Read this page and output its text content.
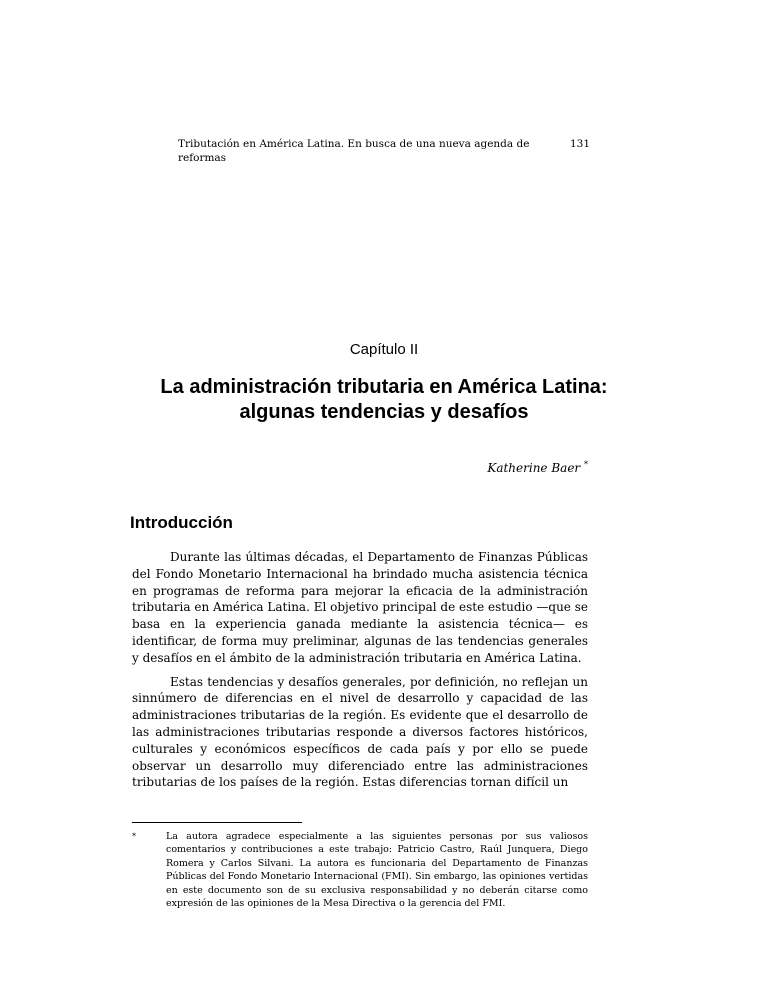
Tributación en América Latina. En busca de una nueva agenda de reformas
131
Capítulo II
La administración tributaria en América Latina:
algunas tendencias y desafíos
Katherine Baer *
Introducción

Durante las últimas décadas, el Departamento de Finanzas Públicas del Fondo Monetario Internacional ha brindado mucha asistencia técnica en programas de reforma para mejorar la eficacia de la administración tributaria en América Latina. El objetivo principal de este estudio —que se basa en la experiencia ganada mediante la asistencia técnica— es identificar, de forma muy preliminar, algunas de las tendencias generales y desafíos en el ámbito de la administración tributaria en América Latina.

Estas tendencias y desafíos generales, por definición, no reflejan un sinnúmero de diferencias en el nivel de desarrollo y capacidad de las administraciones tributarias de la región. Es evidente que el desarrollo de las administraciones tributarias responde a diversos factores históricos, culturales y económicos específicos de cada país y por ello se puede observar un desarrollo muy diferenciado entre las administraciones tributarias de los países de la región. Estas diferencias tornan difícil un

*	La autora agradece especialmente a las siguientes personas por sus valiosos comentarios y contribuciones a este trabajo: Patricio Castro, Raúl Junquera, Diego Romera y Carlos Silvani. La autora es funcionaria del Departamento de Finanzas Públicas del Fondo Monetario Internacional (FMI). Sin embargo, las opiniones vertidas en este documento son de su exclusiva responsabilidad y no deberán citarse como expresión de las opiniones de la Mesa Directiva o la gerencia del FMI.
